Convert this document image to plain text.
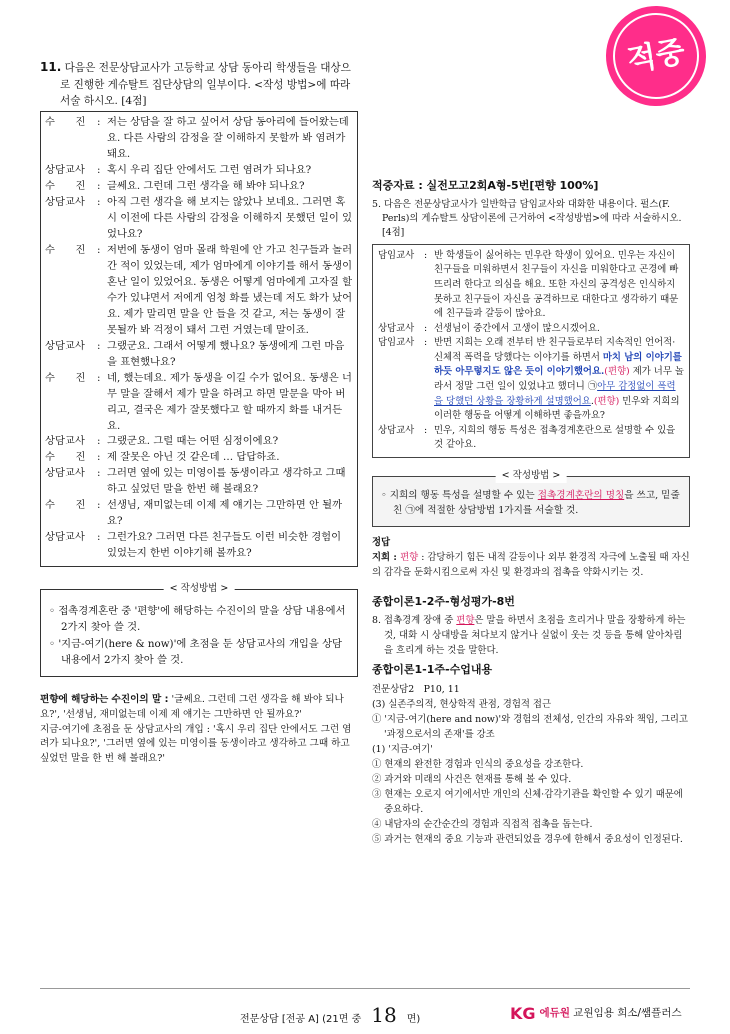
적중
11. 다음은 전문상담교사가 고등학교 상담 동아리 학생들을 대상으로 진행한 게슈탈트 집단상담의 일부이다. <작성 방법>에 따라 서술 하시오. [4점]
수　　진	: 저는 상담을 잘 하고 싶어서 상담 동아리에 들어왔는데요. 다른 사람의 감정을 잘 이해하지 못할까 봐 염려가 돼요.
상담교사	: 혹시 우리 집단 안에서도 그런 염려가 되나요?
수　　진	: 글쎄요. 그런데 그런 생각을 해 봐야 되나요?
상담교사	: 아직 그런 생각을 해 보지는 않았나 보네요. 그러면 혹시 이전에 다른 사람의 감정을 이해하지 못했던 일이 있었나요?
수　　진	: 저번에 동생이 엄마 몰래 학원에 안 가고 친구들과 놀러간 적이 있었는데, 제가 엄마에게 이야기를 해서 동생이 혼난 일이 있었어요. 동생은 어떻게 엄마에게 고자질 할 수가 있냐면서 저에게 엄청 화를 냈는데 저도 화가 났어요. 제가 말리면 말을 안 들을 것 같고, 저는 동생이 잘못될까 봐 걱정이 돼서 그런 거였는데 말이죠.
상담교사	: 그랬군요. 그래서 어떻게 했나요? 동생에게 그런 마음을 표현했나요?
수　　진	: 네, 했는데요. 제가 동생을 이길 수가 없어요. 동생은 너무 말을 잘해서 제가 말을 하려고 하면 말문을 막아 버리고, 결국은 제가 잘못했다고 할 때까지 화를 내거든요.
상담교사	: 그랬군요. 그럴 때는 어떤 심정이에요?
수　　진	: 제 잘못은 아닌 것 같은데 … 답답하죠.
상담교사	: 그러면 옆에 있는 미영이를 동생이라고 생각하고 그때 하고 싶었던 말을 한번 해 볼래요?
수　　진	: 선생님, 재미없는데 이제 제 얘기는 그만하면 안 될까요?
상담교사	: 그런가요? 그러면 다른 친구들도 이런 비슷한 경험이 있었는지 한번 이야기해 볼까요?
< 작성방법 >
◦ 접촉경계혼란 중 '편향'에 해당하는 수진이의 말을 상담 내용에서 2가지 찾아 쓸 것.
◦ '지금-여기(here & now)'에 초점을 둔 상담교사의 개입을 상담 내용에서 2가지 찾아 쓸 것.
편향에 해당하는 수진이의 말 : '글쎄요. 그런데 그런 생각을 해 봐야 되나요?', '선생님, 재미없는데 이제 제 얘기는 그만하면 안 될까요?'
지금-여기에 초점을 둔 상담교사의 개입 : '혹시 우리 집단 안에서도 그런 염려가 되나요?', '그러면 옆에 있는 미영이를 동생이라고 생각하고 그때 하고 싶었던 말을 한 번 해 볼래요?'
적중자료 : 실전모고2회A형-5번[편향 100%]
5. 다음은 전문상담교사가 일반학급 담임교사와 대화한 내용이다. 펄스(F. Perls)의 게슈탈트 상담이론에 근거하여 <작성방법>에 따라 서술하시오.[4점]
담임교사	: 반 학생들이 싫어하는 민우란 학생이 있어요. 민우는 자신이 친구들을 미워하면서 친구들이 자신을 미워한다고 곤경에 빠뜨리려 한다고 의심을 해요. 또한 자신의 공격성은 인식하지 못하고 친구들이 자신을 공격하므로 대한다고 생각하기 때문에 친구들과 갈등이 많아요.
상담교사	: 선생님이 중간에서 고생이 많으시겠어요.
담임교사	: 반면 지희는 오래 전부터 반 친구들로부터 지속적인 언어적·신체적 폭력을 당했다는 이야기를 하면서 마치 남의 이야기를 하듯 아무렇지도 않은 듯이 이야기했어요.(편향) 제가 너무 놀라서 정말 그런 일이 있었냐고 했더니 ㉠아무 감정없이 폭력을 당했던 상황을 장황하게 설명했어요.(편향) 민우와 지희의 이러한 행동을 어떻게 이해하면 좋을까요?
상담교사	: 민우, 지희의 행동 특성은 접촉경계혼란으로 설명할 수 있을 것 같아요.
< 작성방법 >
◦ 지희의 행동 특성을 설명할 수 있는 접촉경계혼란의 명칭을 쓰고, 밑줄 친 ㉠에 적절한 상담방법 1가지를 서술할 것.
정답
지희 : 편향 : 감당하기 힘든 내적 갈등이나 외부 환경적 자극에 노출될 때 자신의 감각을 둔화시킴으로써 자신 및 환경과의 접촉을 약화시키는 것.
종합이론1-2주-형성평가-8번
8. 접촉경계 장애 중 편향은 말을 하면서 초점을 흐리거나 말을 장황하게 하는 것, 대화 시 상대방을 쳐다보지 않거나 실없이 웃는 것 등을 통해 알아차림을 흐리게 하는 것을 말한다.
종합이론1-1주-수업내용
전문상담2　P10, 11
(3) 실존주의적, 현상학적 관점, 경험적 접근
① '지금-여기(here and now)'와 경험의 전체성, 인간의 자유와 책임, 그리고 '과정으로서의 존재'를 강조
(1) '지금-여기'
① 현재의 완전한 경험과 인식의 중요성을 강조한다.
② 과거와 미래의 사건은 현재를 통해 볼 수 있다.
③ 현재는 오로지 여기에서만 개인의 신체·감각기관을 확인할 수 있기 때문에 중요하다.
④ 내담자의 순간순간의 경험과 직접적 접촉을 돕는다.
⑤ 과거는 현재의 중요 기능과 관련되었을 경우에 한해서 중요성이 인정된다.
전문상담 [전공 A] (21면 중 18 면)	KG 에듀원 교원임용 희소/쌤플러스
